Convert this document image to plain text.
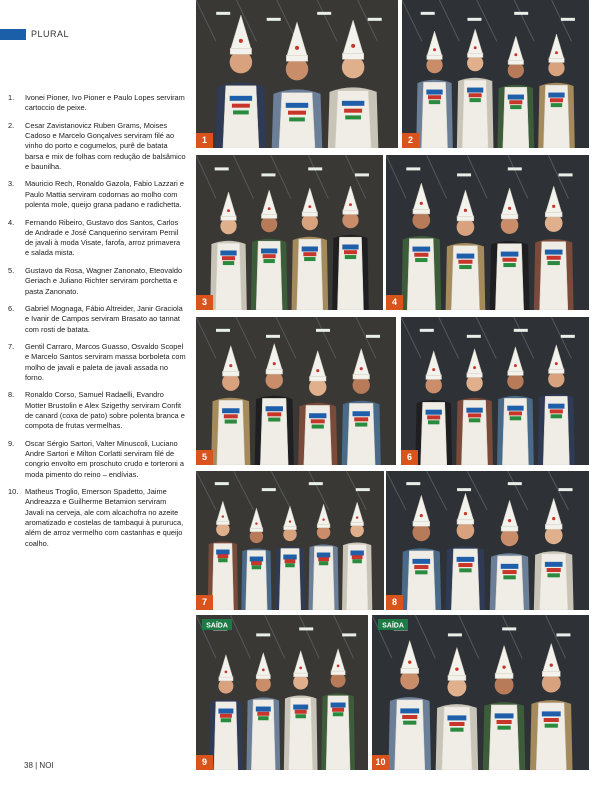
PLURAL
1. Ivonei Pioner, Ivo Pioner e Paulo Lopes serviram cartoccio de peixe.
2. Cesar Zavistanovicz Ruben Grams, Moises Cadoso e Marcelo Gonçalves serviram filé ao vinho do porto e cogumelos, purê de batata barsa e mix de folhas com redução de balsâmico e baunilha.
3. Mauricio Rech, Ronaldo Gazola, Fabio Lazzari e Paulo Mattia serviram codornas ao molho com polenta mole, queijo grana padano e radichetta.
4. Fernando Ribeiro, Gustavo dos Santos, Carlos de Andrade e José Canquerino serviram Pernil de javali à moda Visate, farofa, arroz primavera e salada mista.
5. Gustavo da Rosa, Wagner Zanonato, Eteovaldo Geriach e Juliano Richter serviram porchetta e pasta Zanonato.
6. Gabriel Mognaga, Fábio Altreider, Janir Graciola e Ivanir de Campos serviram Brasato ao tannat com rosti de batata.
7. Gentil Carraro, Marcos Guasso, Osvaldo Scopel e Marcelo Santos serviram massa borboleta com molho de javali e paleta de javali assada no forno.
8. Ronaldo Corso, Samuel Radaelli, Evandro Motter Brustolin e Alex Szigethy serviram Confit de canard (coxa de pato) sobre polenta branca e compota de frutas vermelhas.
9. Oscar Sérgio Sartori, Valter Minuscoli, Luciano Andre Sartori e Milton Corlatti serviram filé de congrio envolto em proschuto crudo e torteroni a moda pimento do reino – endívias.
10. Matheus Troglio, Emerson Spadetto, Jaime Andreazza e Guilherme Betamion serviram Javali na cerveja, ale com alcachofra no azeite aromatizado e costelas de tambaqui à pururuca, além de arroz vermelho com castanhas e queijo coalho.
1	2
3	4
5	6
7	8
SAÍDA
9
SAÍDA
10
38 | NOI
